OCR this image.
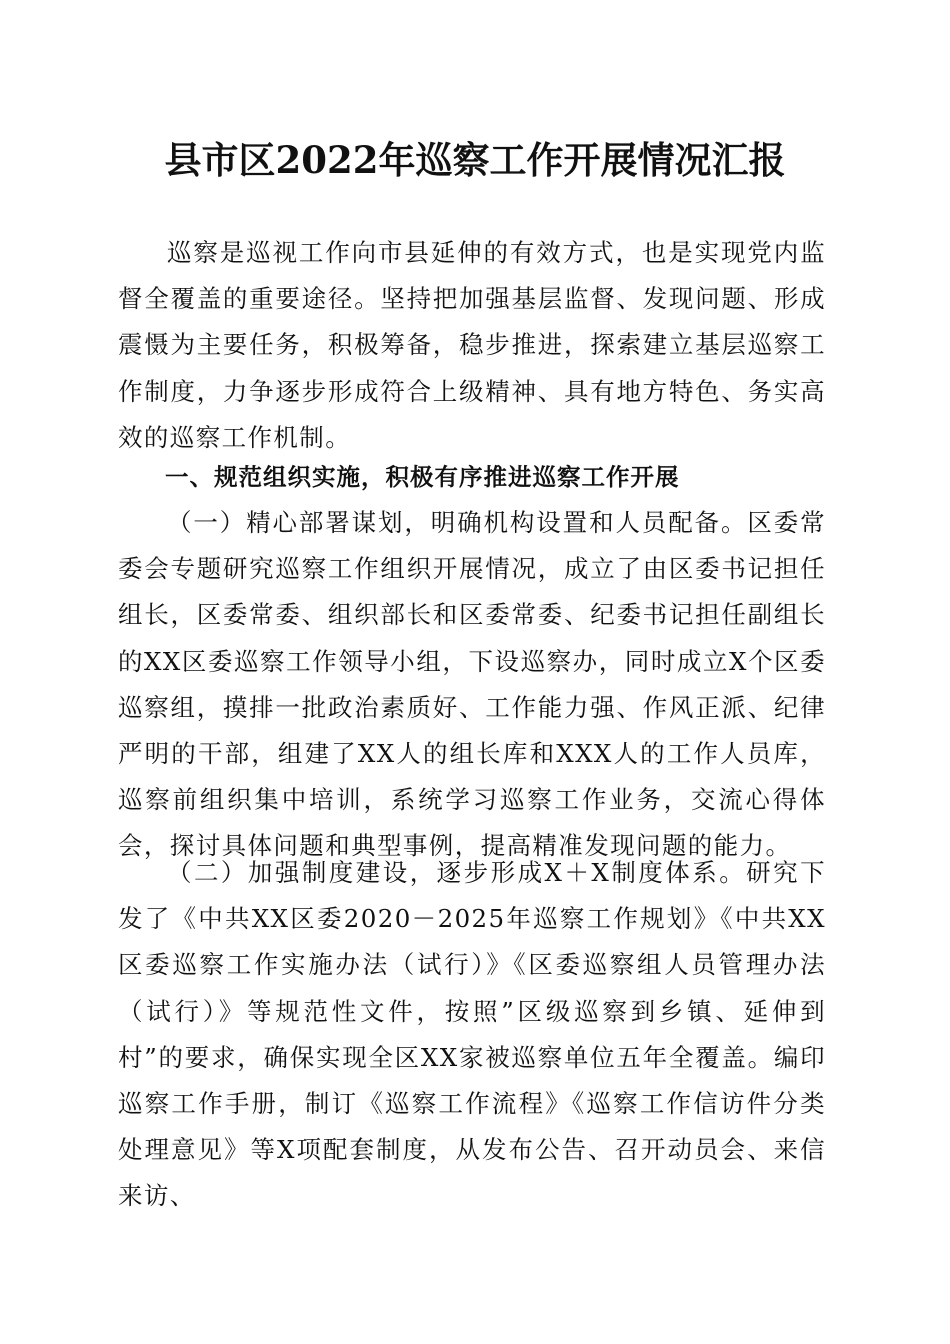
县市区2022年巡察工作开展情况汇报

巡察是巡视工作向市县延伸的有效方式，也是实现党内监督全覆盖的重要途径。坚持把加强基层监督、发现问题、形成震慑为主要任务，积极筹备，稳步推进，探索建立基层巡察工作制度，力争逐步形成符合上级精神、具有地方特色、务实高效的巡察工作机制。

一、规范组织实施，积极有序推进巡察工作开展

（一）精心部署谋划，明确机构设置和人员配备。区委常委会专题研究巡察工作组织开展情况，成立了由区委书记担任组长，区委常委、组织部长和区委常委、纪委书记担任副组长的XX区委巡察工作领导小组，下设巡察办，同时成立X个区委巡察组，摸排一批政治素质好、工作能力强、作风正派、纪律严明的干部，组建了XX人的组长库和XXX人的工作人员库，巡察前组织集中培训，系统学习巡察工作业务，交流心得体会，探讨具体问题和典型事例，提高精准发现问题的能力。

（二）加强制度建设，逐步形成X＋X制度体系。研究下发了《中共XX区委2020－2025年巡察工作规划》《中共XX区委巡察工作实施办法（试行）》《区委巡察组人员管理办法（试行）》等规范性文件，按照”区级巡察到乡镇、延伸到村”的要求，确保实现全区XX家被巡察单位五年全覆盖。编印巡察工作手册，制订《巡察工作流程》《巡察工作信访件分类处理意见》等X项配套制度，从发布公告、召开动员会、来信来访、
